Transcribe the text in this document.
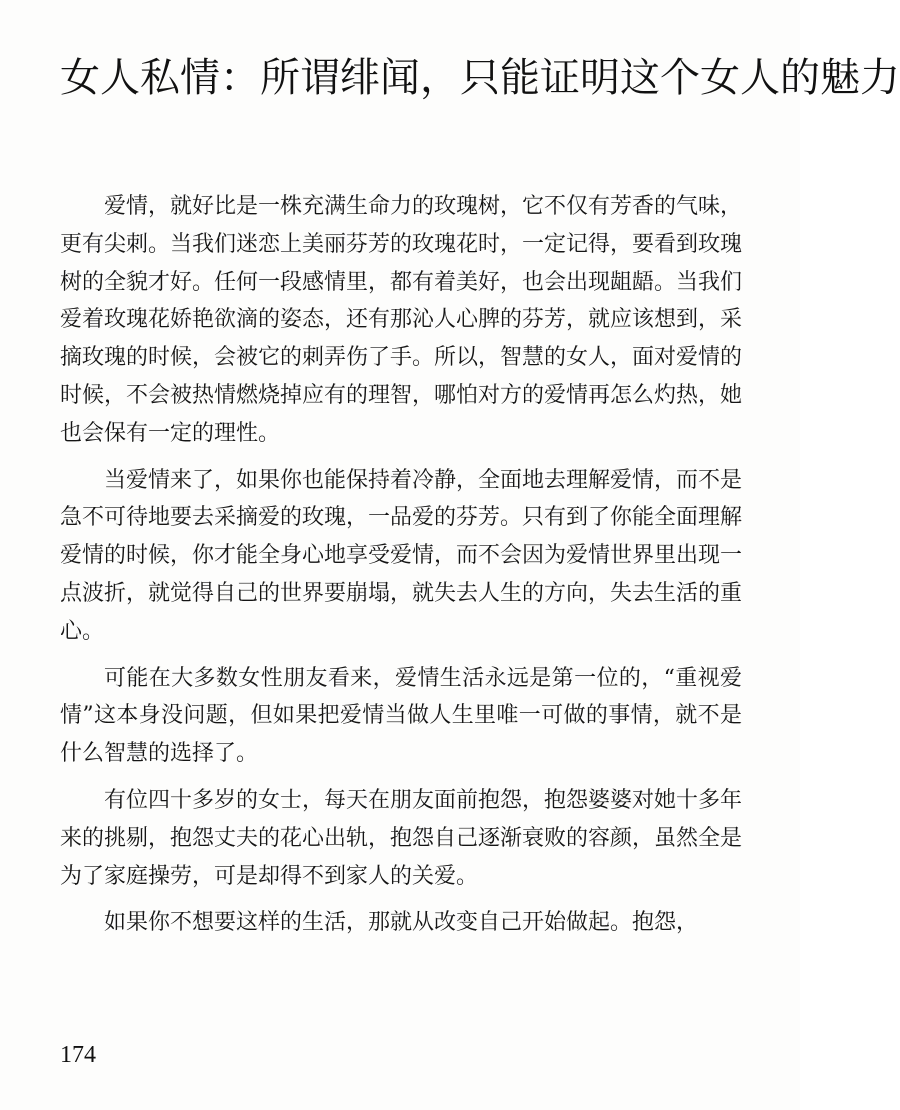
女人私情：所谓绯闻，只能证明这个女人的魅力

爱情，就好比是一株充满生命力的玫瑰树，它不仅有芳香的气味，更有尖刺。当我们迷恋上美丽芬芳的玫瑰花时，一定记得，要看到玫瑰树的全貌才好。任何一段感情里，都有着美好，也会出现龃龉。当我们爱着玫瑰花娇艳欲滴的姿态，还有那沁人心脾的芬芳，就应该想到，采摘玫瑰的时候，会被它的刺弄伤了手。所以，智慧的女人，面对爱情的时候，不会被热情燃烧掉应有的理智，哪怕对方的爱情再怎么灼热，她也会保有一定的理性。

当爱情来了，如果你也能保持着冷静，全面地去理解爱情，而不是急不可待地要去采摘爱的玫瑰，一品爱的芬芳。只有到了你能全面理解爱情的时候，你才能全身心地享受爱情，而不会因为爱情世界里出现一点波折，就觉得自己的世界要崩塌，就失去人生的方向，失去生活的重心。

可能在大多数女性朋友看来，爱情生活永远是第一位的，“重视爱情”这本身没问题，但如果把爱情当做人生里唯一可做的事情，就不是什么智慧的选择了。

有位四十多岁的女士，每天在朋友面前抱怨，抱怨婆婆对她十多年来的挑剔，抱怨丈夫的花心出轨，抱怨自己逐渐衰败的容颜，虽然全是为了家庭操劳，可是却得不到家人的关爱。

如果你不想要这样的生活，那就从改变自己开始做起。抱怨，

174
